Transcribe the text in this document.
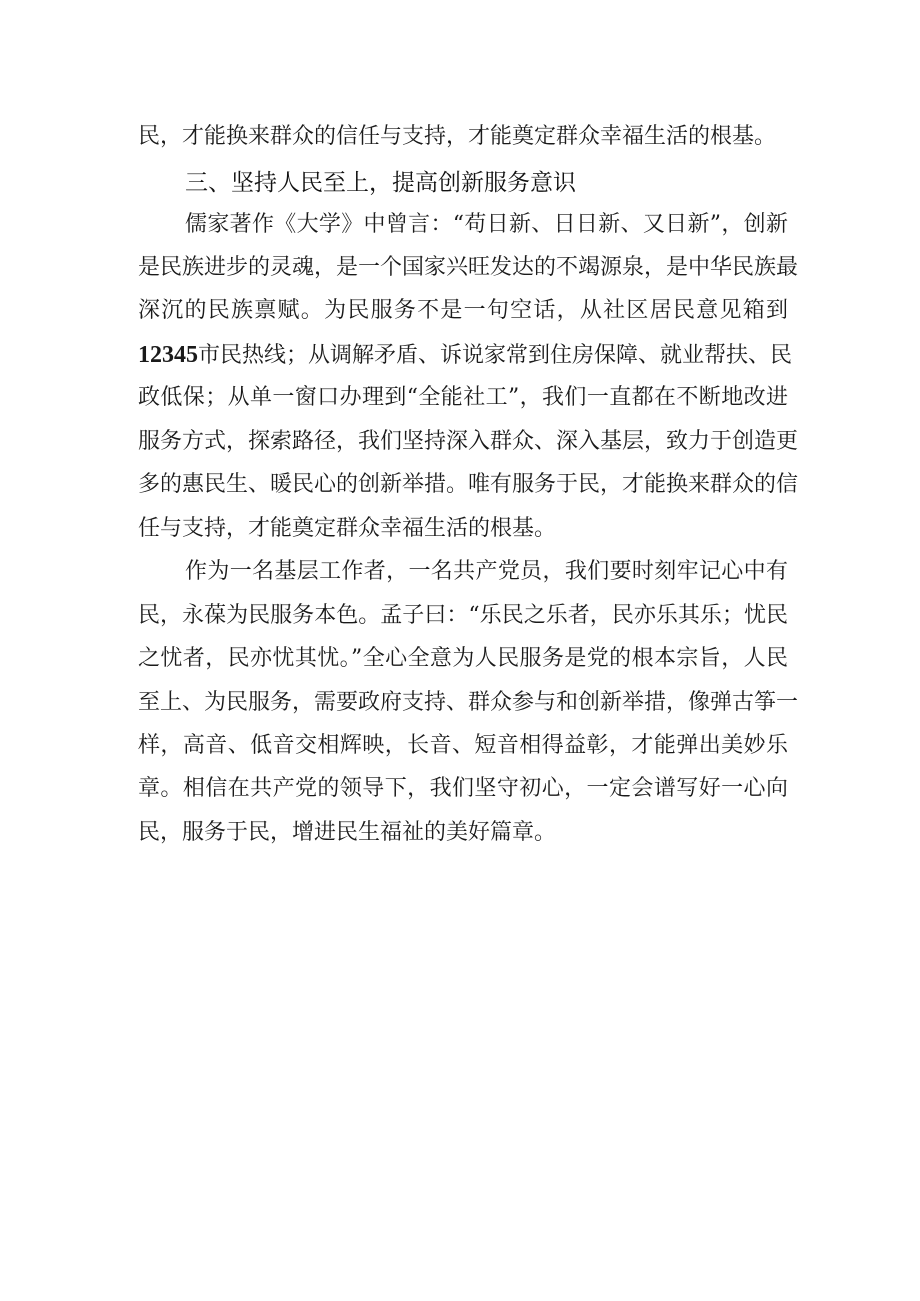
民，才能换来群众的信任与支持，才能奠定群众幸福生活的根基。
三、坚持人民至上，提高创新服务意识
儒家著作《大学》中曾言：“苟日新、日日新、又日新”，创新
是民族进步的灵魂，是一个国家兴旺发达的不竭源泉，是中华民族最
深沉的民族禀赋。为民服务不是一句空话，从社区居民意见箱到
12345市民热线；从调解矛盾、诉说家常到住房保障、就业帮扶、民
政低保；从单一窗口办理到“全能社工”，我们一直都在不断地改进
服务方式，探索路径，我们坚持深入群众、深入基层，致力于创造更
多的惠民生、暖民心的创新举措。唯有服务于民，才能换来群众的信
任与支持，才能奠定群众幸福生活的根基。
作为一名基层工作者，一名共产党员，我们要时刻牢记心中有
民，永葆为民服务本色。孟子曰：“乐民之乐者，民亦乐其乐；忧民
之忧者，民亦忧其忧。”全心全意为人民服务是党的根本宗旨，人民
至上、为民服务，需要政府支持、群众参与和创新举措，像弹古筝一
样，高音、低音交相辉映，长音、短音相得益彰，才能弹出美妙乐
章。相信在共产党的领导下，我们坚守初心，一定会谱写好一心向
民，服务于民，增进民生福祉的美好篇章。
